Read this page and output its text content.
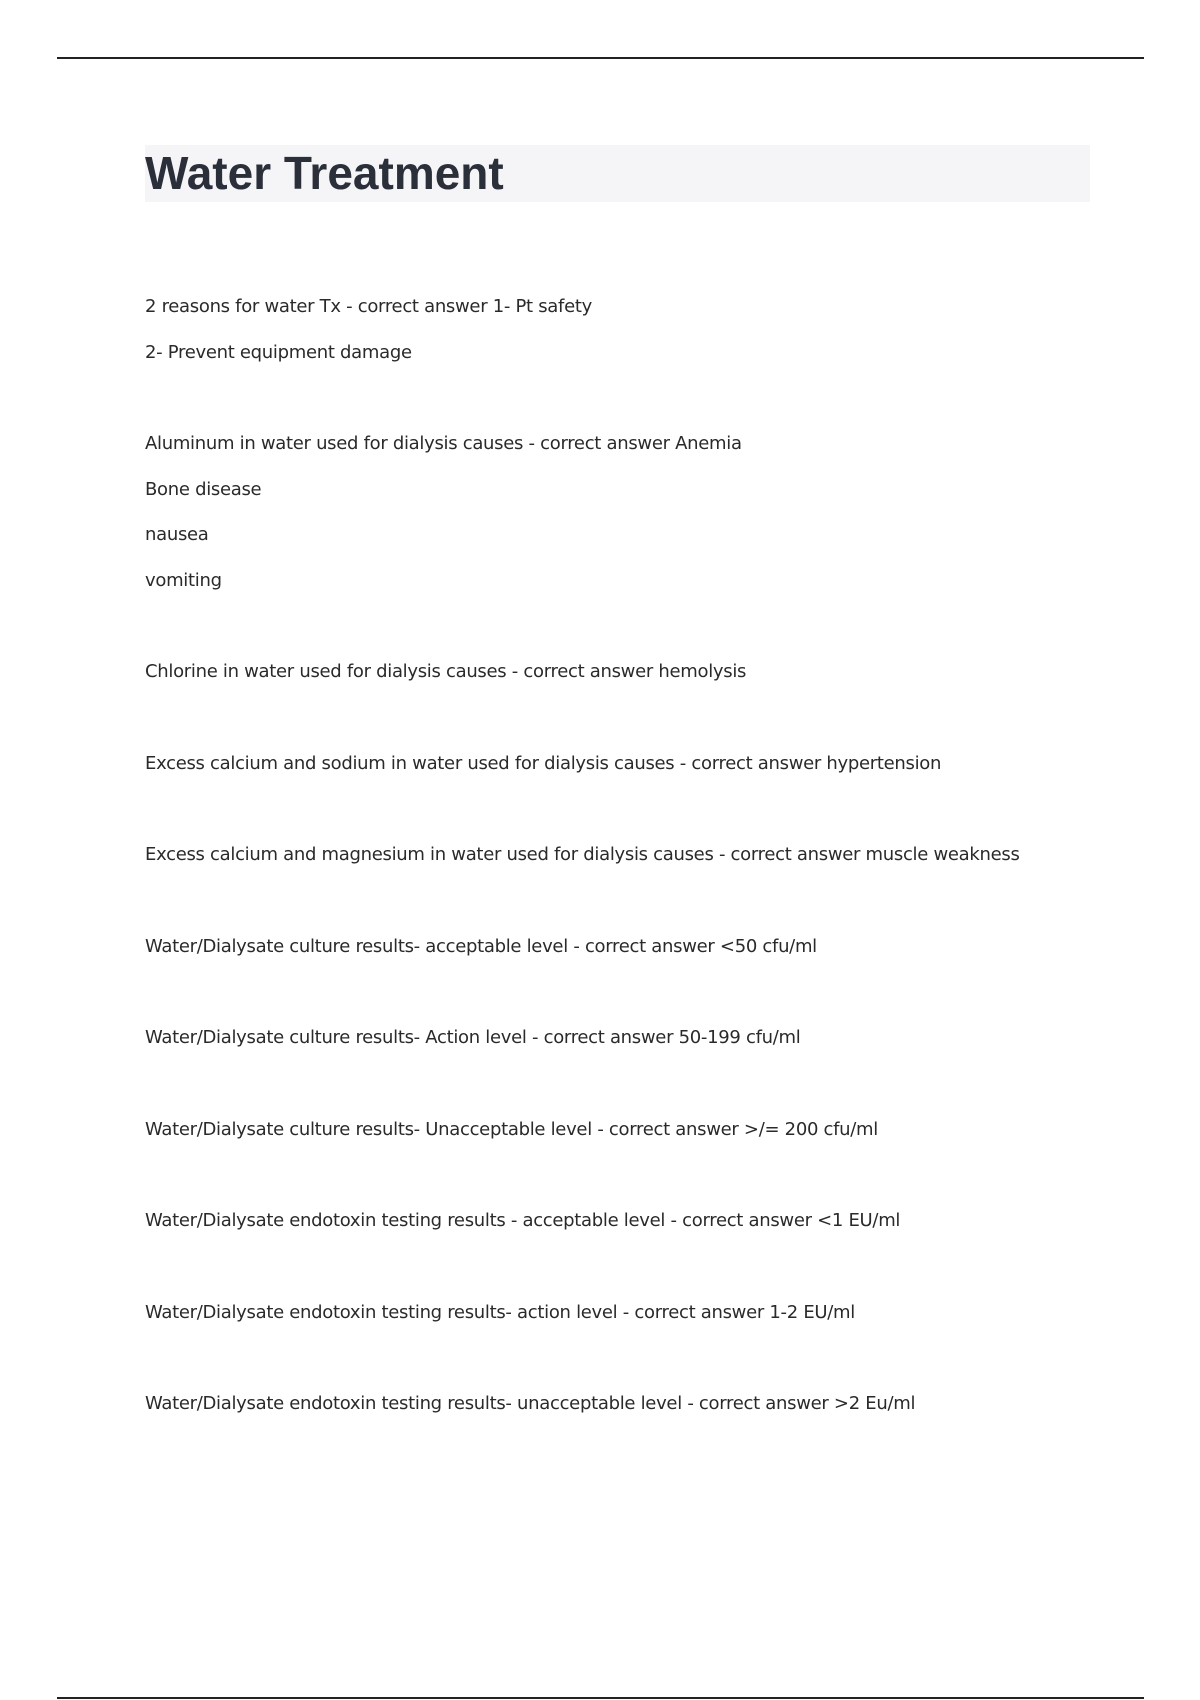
Water Treatment
2 reasons for water Tx - correct answer 1- Pt safety
2- Prevent equipment damage
Aluminum in water used for dialysis causes - correct answer Anemia
Bone disease
nausea
vomiting
Chlorine in water used for dialysis causes - correct answer hemolysis
Excess calcium and sodium in water used for dialysis causes - correct answer hypertension
Excess calcium and magnesium in water used for dialysis causes - correct answer muscle weakness
Water/Dialysate culture results- acceptable level - correct answer <50 cfu/ml
Water/Dialysate culture results- Action level - correct answer 50-199 cfu/ml
Water/Dialysate culture results- Unacceptable level - correct answer >/= 200 cfu/ml
Water/Dialysate endotoxin testing results - acceptable level - correct answer <1 EU/ml
Water/Dialysate endotoxin testing results- action level - correct answer 1-2 EU/ml
Water/Dialysate endotoxin testing results- unacceptable level - correct answer >2 Eu/ml
